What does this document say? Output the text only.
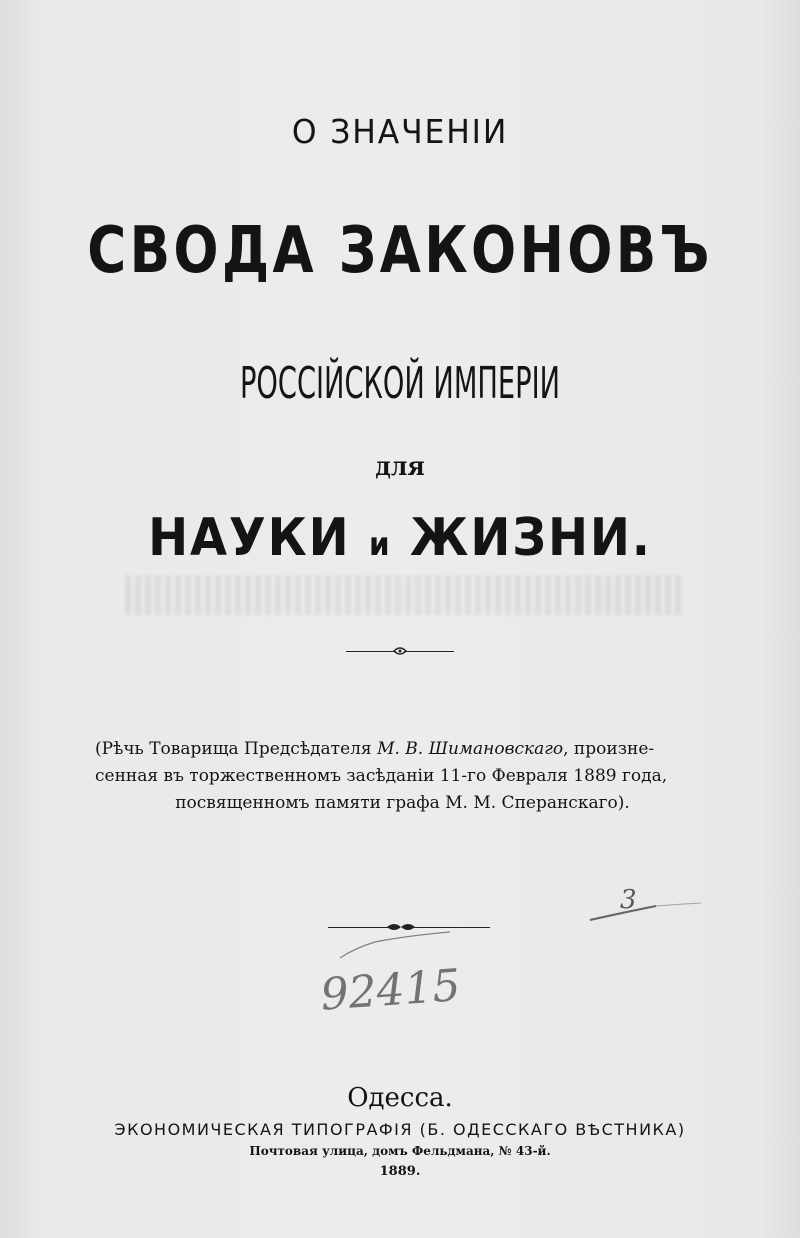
О ЗНАЧЕНІИ
СВОДА ЗАКОНОВЪ
РОССІЙСКОЙ ИМПЕРІИ
для
НАУКИ и ЖИЗНИ.
(Рѣчь Товарища Предсѣдателя М. В. Шимановскаго, произне-
сенная въ торжественномъ засѣданіи 11-го Февраля 1889 года,
посвященномъ памяти графа М. М. Сперанскаго).
92415
3
Одесса.
ЭКОНОМИЧЕСКАЯ ТИПОГРАФІЯ (Б. ОДЕССКАГО ВѢСТНИКА)
Почтовая улица, домъ Фельдмана, № 43-й.
1889.
